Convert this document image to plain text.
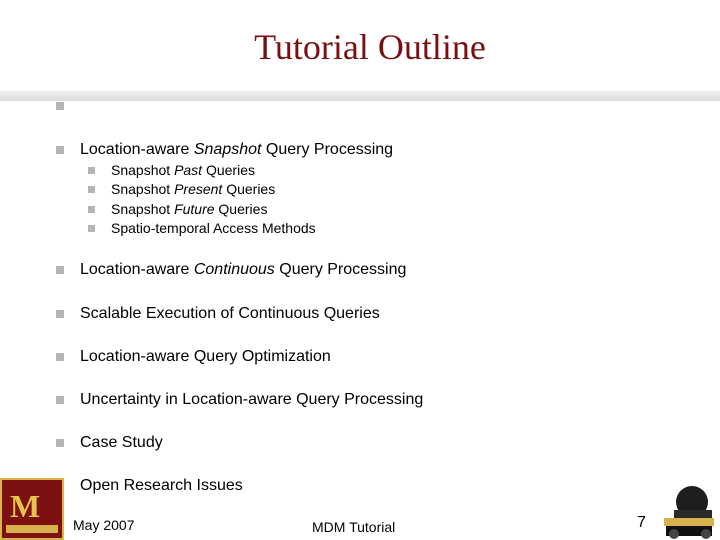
Tutorial Outline
Location-aware Snapshot Query Processing
Snapshot Past Queries
Snapshot Present Queries
Snapshot Future Queries
Spatio-temporal Access Methods
Location-aware Continuous Query Processing
Scalable Execution of Continuous Queries
Location-aware Query Optimization
Uncertainty in Location-aware Query Processing
Case Study
Open Research Issues
M
May 2007	MDM Tutorial	7
